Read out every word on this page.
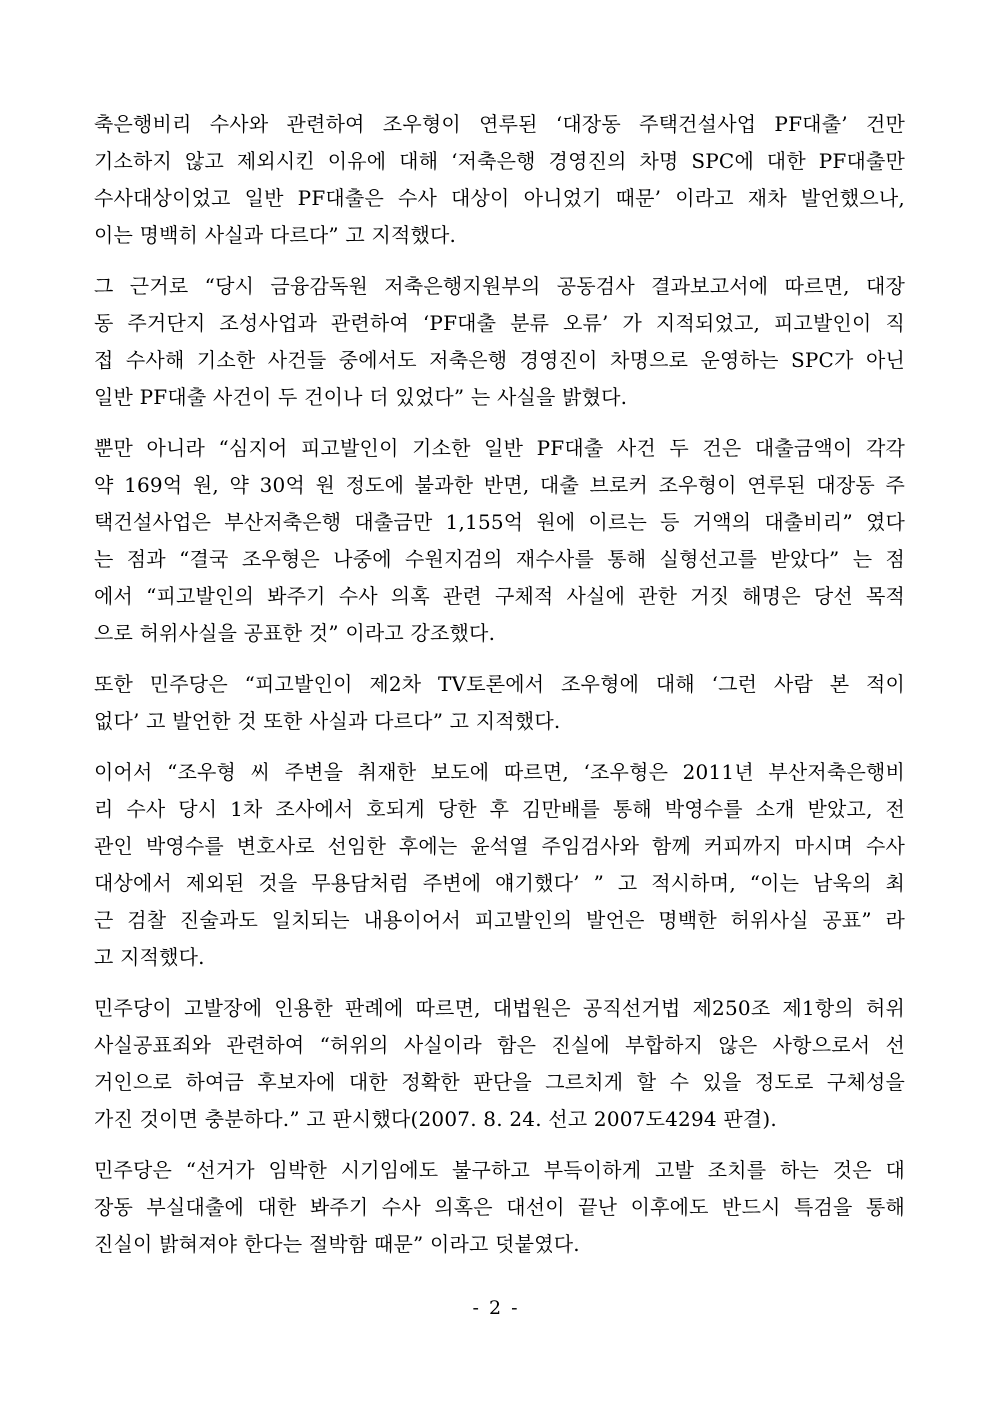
축은행비리 수사와 관련하여 조우형이 연루된 ‘대장동 주택건설사업 PF대출’ 건만
기소하지 않고 제외시킨 이유에 대해 ‘저축은행 경영진의 차명 SPC에 대한 PF대출만
수사대상이었고 일반 PF대출은 수사 대상이 아니었기 때문’ 이라고 재차 발언했으나,
이는 명백히 사실과 다르다” 고 지적했다.
그 근거로 “당시 금융감독원 저축은행지원부의 공동검사 결과보고서에 따르면, 대장
동 주거단지 조성사업과 관련하여 ‘PF대출 분류 오류’ 가 지적되었고, 피고발인이 직
접 수사해 기소한 사건들 중에서도 저축은행 경영진이 차명으로 운영하는 SPC가 아닌
일반 PF대출 사건이 두 건이나 더 있었다” 는 사실을 밝혔다.
뿐만 아니라 “심지어 피고발인이 기소한 일반 PF대출 사건 두 건은 대출금액이 각각
약 169억 원, 약 30억 원 정도에 불과한 반면, 대출 브로커 조우형이 연루된 대장동 주
택건설사업은 부산저축은행 대출금만 1,155억 원에 이르는 등 거액의 대출비리” 였다
는 점과 “결국 조우형은 나중에 수원지검의 재수사를 통해 실형선고를 받았다” 는 점
에서 “피고발인의 봐주기 수사 의혹 관련 구체적 사실에 관한 거짓 해명은 당선 목적
으로 허위사실을 공표한 것” 이라고 강조했다.
또한 민주당은 “피고발인이 제2차 TV토론에서 조우형에 대해 ‘그런 사람 본 적이
없다’ 고 발언한 것 또한 사실과 다르다” 고 지적했다.
이어서 “조우형 씨 주변을 취재한 보도에 따르면, ‘조우형은 2011년 부산저축은행비
리 수사 당시 1차 조사에서 호되게 당한 후 김만배를 통해 박영수를 소개 받았고, 전
관인 박영수를 변호사로 선임한 후에는 윤석열 주임검사와 함께 커피까지 마시며 수사
대상에서 제외된 것을 무용담처럼 주변에 얘기했다’ ” 고 적시하며, “이는 남욱의 최
근 검찰 진술과도 일치되는 내용이어서 피고발인의 발언은 명백한 허위사실 공표” 라
고 지적했다.
민주당이 고발장에 인용한 판례에 따르면, 대법원은 공직선거법 제250조 제1항의 허위
사실공표죄와 관련하여 “허위의 사실이라 함은 진실에 부합하지 않은 사항으로서 선
거인으로 하여금 후보자에 대한 정확한 판단을 그르치게 할 수 있을 정도로 구체성을
가진 것이면 충분하다.” 고 판시했다(2007. 8. 24. 선고 2007도4294 판결).
민주당은 “선거가 임박한 시기임에도 불구하고 부득이하게 고발 조치를 하는 것은 대
장동 부실대출에 대한 봐주기 수사 의혹은 대선이 끝난 이후에도 반드시 특검을 통해
진실이 밝혀져야 한다는 절박함 때문” 이라고 덧붙였다.
- 2 -
